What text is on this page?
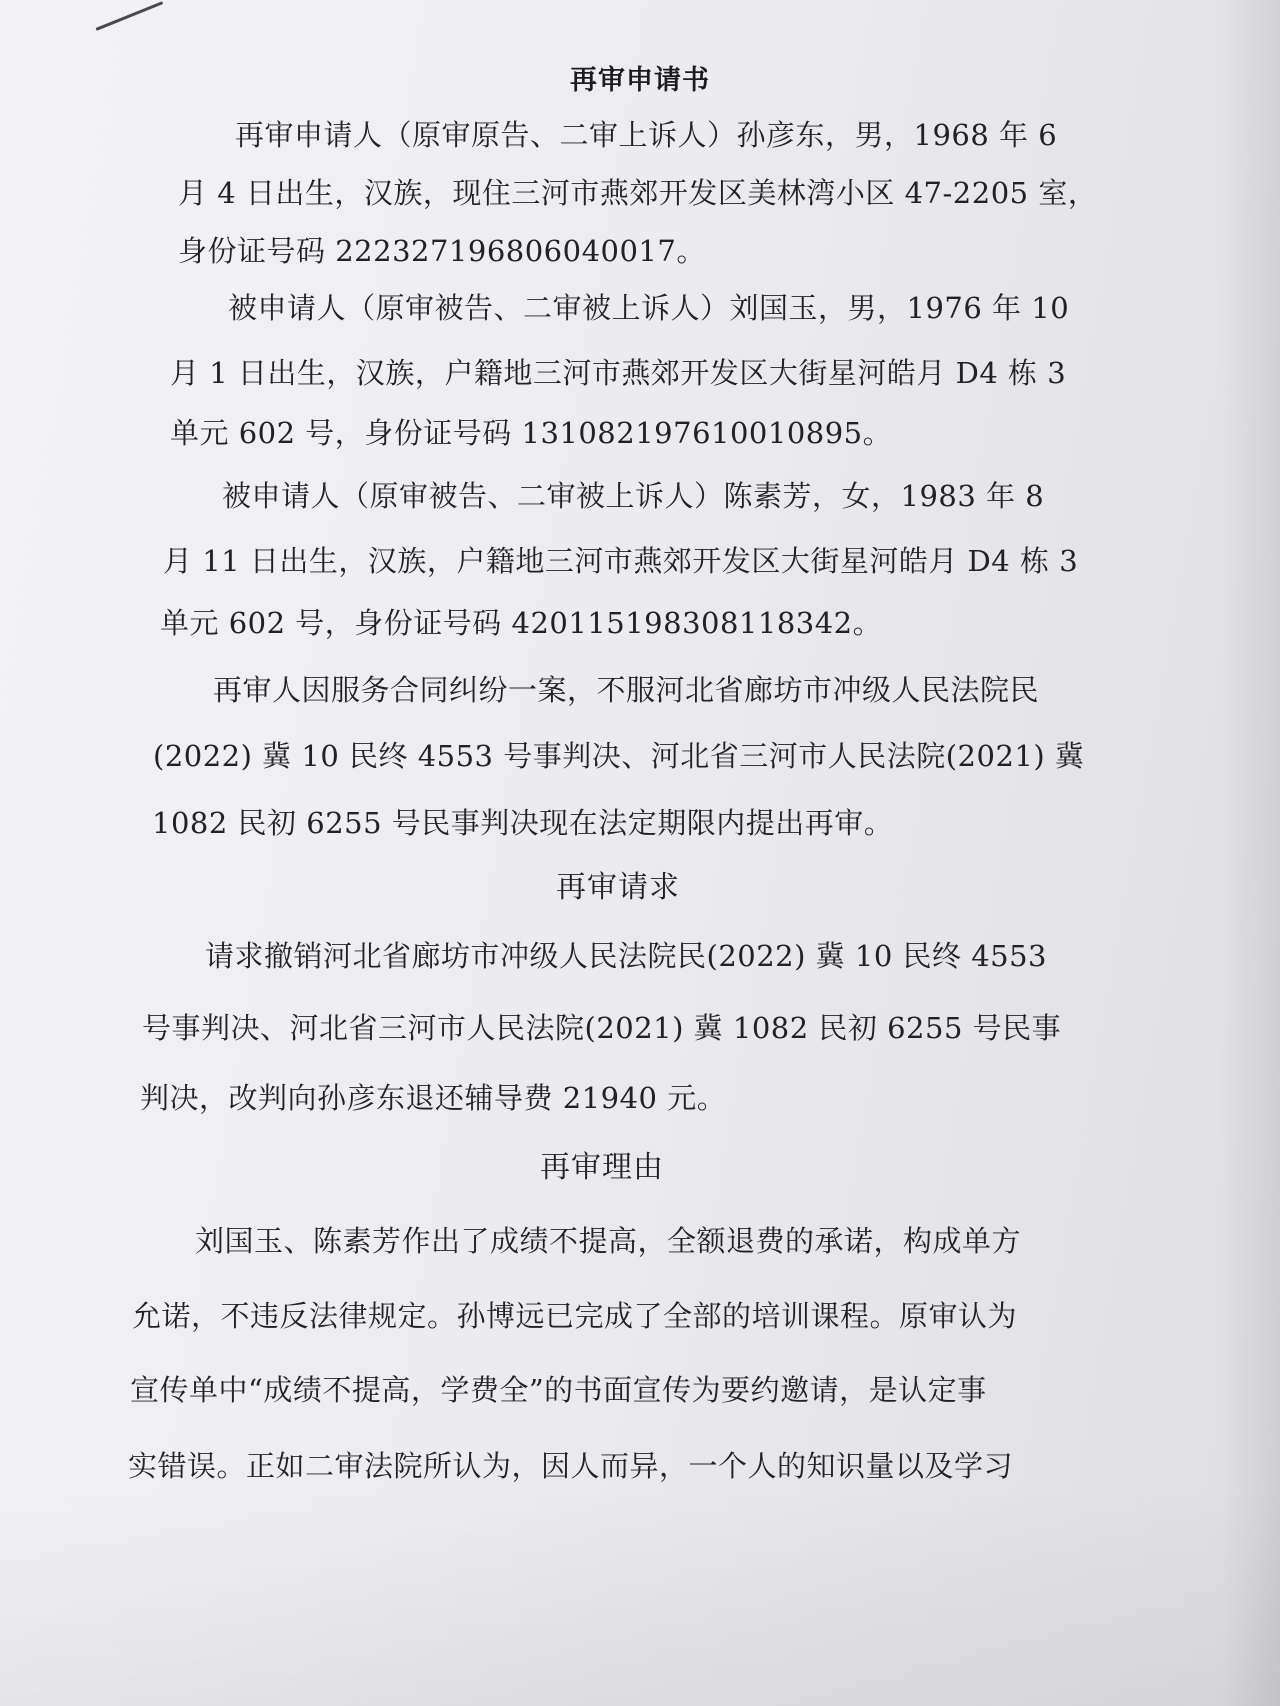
再审申请书
再审申请人（原审原告、二审上诉人）孙彦东，男，1968 年 6
月 4 日出生，汉族，现住三河市燕郊开发区美林湾小区 47-2205 室，
身份证号码 222327196806040017。
被申请人（原审被告、二审被上诉人）刘国玉，男，1976 年 10
月 1 日出生，汉族，户籍地三河市燕郊开发区大街星河皓月 D4 栋 3
单元 602 号，身份证号码 131082197610010895。
被申请人（原审被告、二审被上诉人）陈素芳，女，1983 年 8
月 11 日出生，汉族，户籍地三河市燕郊开发区大街星河皓月 D4 栋 3
单元 602 号，身份证号码 420115198308118342。
再审人因服务合同纠纷一案，不服河北省廊坊市冲级人民法院民
(2022) 冀 10 民终 4553 号事判决、河北省三河市人民法院(2021) 冀
1082 民初 6255 号民事判决现在法定期限内提出再审。
再审请求
请求撤销河北省廊坊市冲级人民法院民(2022) 冀 10 民终 4553
号事判决、河北省三河市人民法院(2021) 冀 1082 民初 6255 号民事
判决，改判向孙彦东退还辅导费 21940 元。
再审理由
刘国玉、陈素芳作出了成绩不提高，全额退费的承诺，构成单方
允诺，不违反法律规定。孙博远已完成了全部的培训课程。原审认为
宣传单中“成绩不提高，学费全”的书面宣传为要约邀请，是认定事
实错误。正如二审法院所认为，因人而异，一个人的知识量以及学习
